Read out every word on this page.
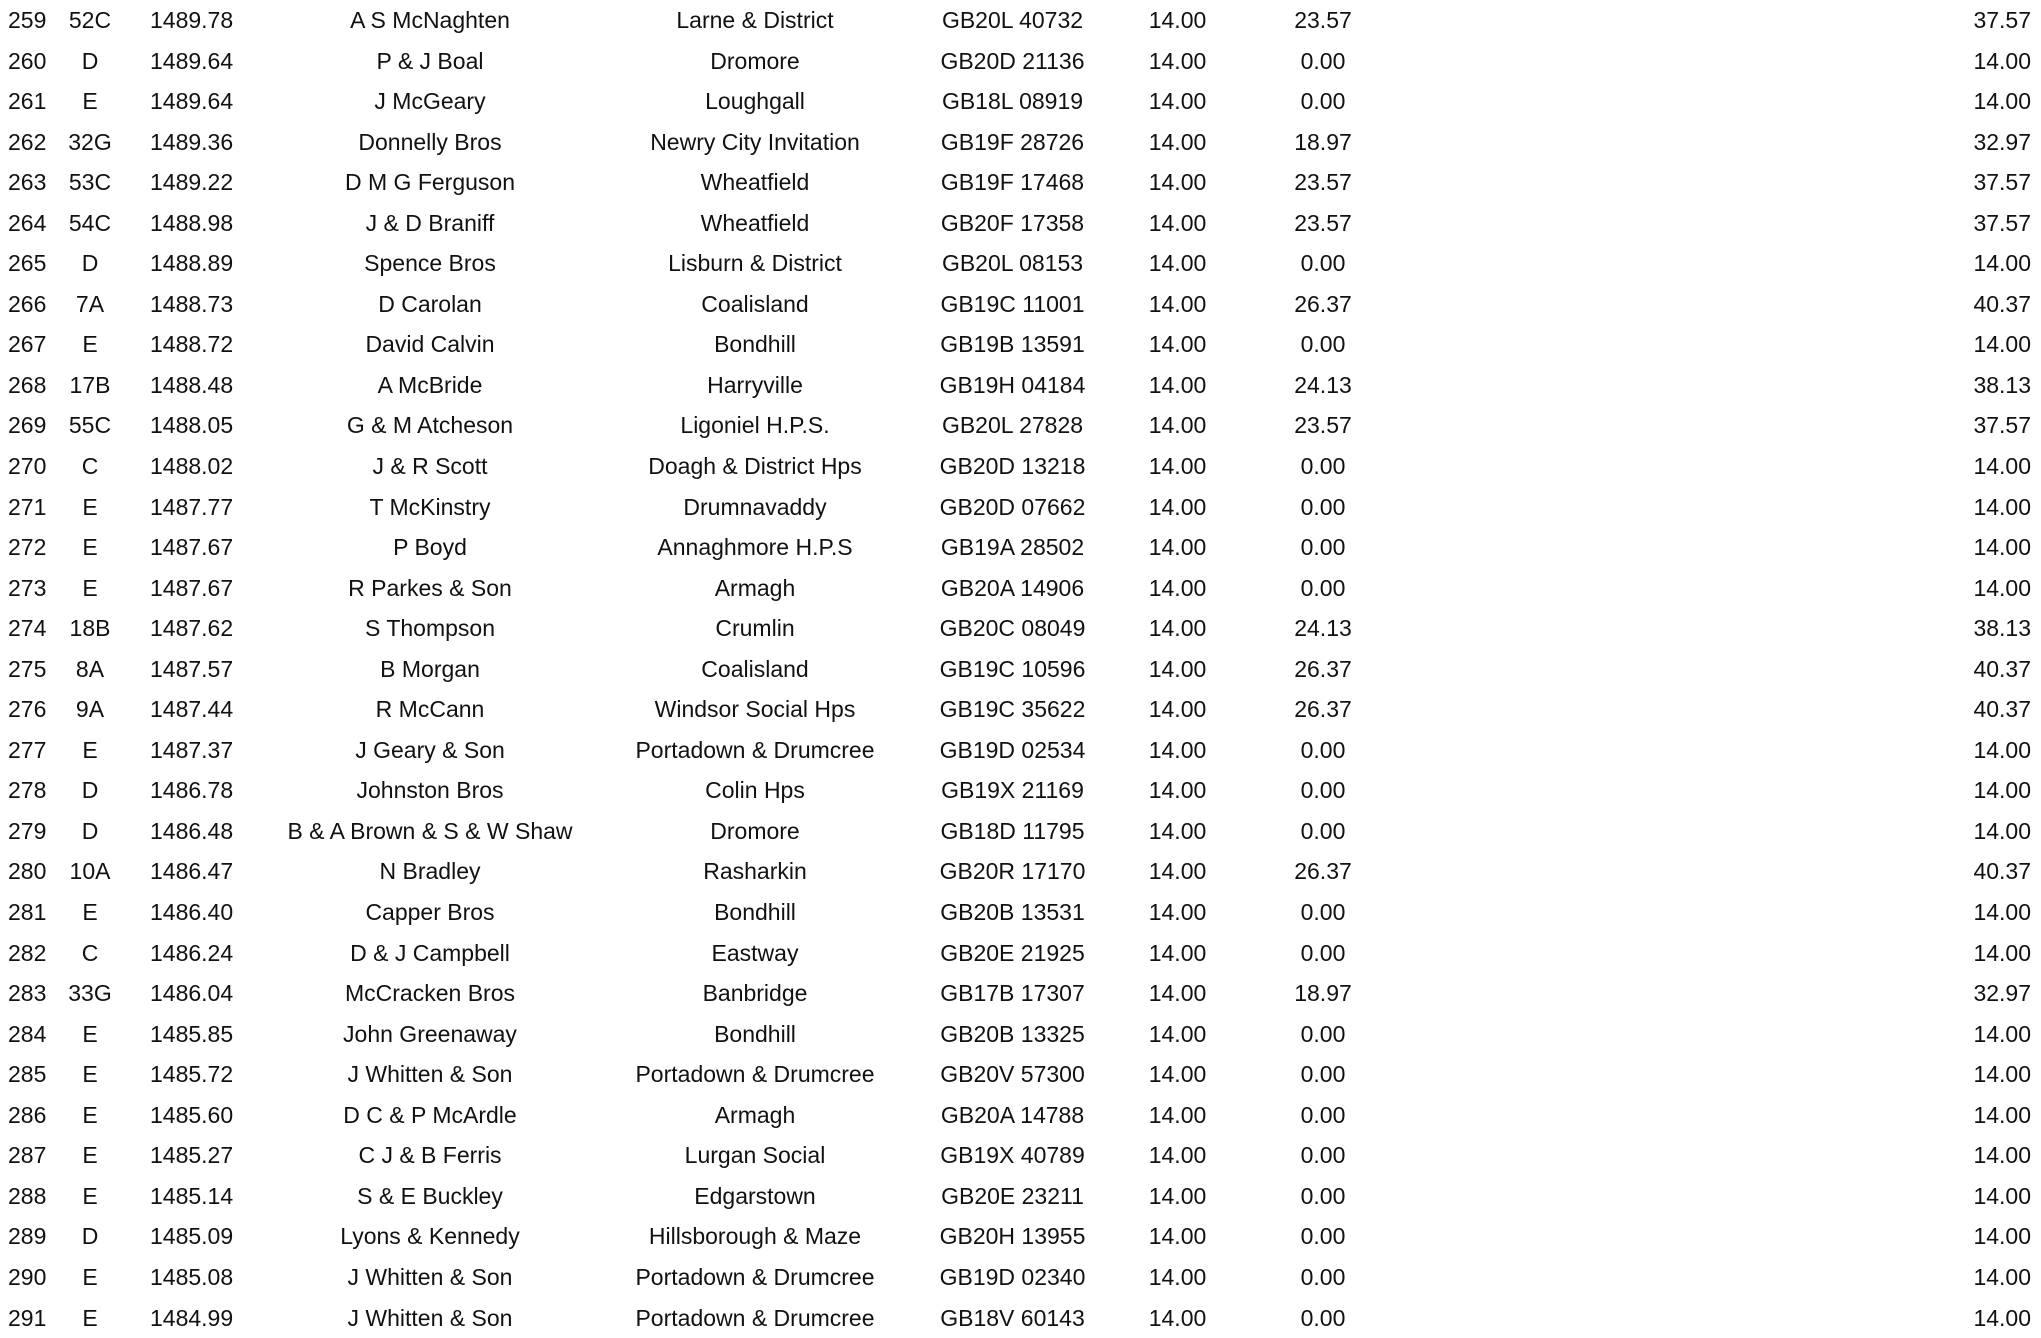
259 52C	1489.78	A S McNaghten	Larne & District	GB20L 40732	14.00	23.57	37.57
260	D	1489.64	P & J Boal	Dromore	GB20D 21136	14.00	0.00	14.00
261	E	1489.64	J McGeary	Loughgall	GB18L 08919	14.00	0.00	14.00
262 32G	1489.36	Donnelly Bros	Newry City Invitation	GB19F 28726	14.00	18.97	32.97
263 53C	1489.22	D M G Ferguson	Wheatfield	GB19F 17468	14.00	23.57	37.57
264 54C	1488.98	J & D Braniff	Wheatfield	GB20F 17358	14.00	23.57	37.57
265	D	1488.89	Spence Bros	Lisburn & District	GB20L 08153	14.00	0.00	14.00
266	7A	1488.73	D Carolan	Coalisland	GB19C 11001	14.00	26.37	40.37
267	E	1488.72	David Calvin	Bondhill	GB19B 13591	14.00	0.00	14.00
268	17B	1488.48	A McBride	Harryville	GB19H 04184	14.00	24.13	38.13
269 55C	1488.05	G & M Atcheson	Ligoniel H.P.S.	GB20L 27828	14.00	23.57	37.57
270	C	1488.02	J & R Scott	Doagh & District Hps	GB20D 13218	14.00	0.00	14.00
271	E	1487.77	T McKinstry	Drumnavaddy	GB20D 07662	14.00	0.00	14.00
272	E	1487.67	P Boyd	Annaghmore H.P.S	GB19A 28502	14.00	0.00	14.00
273	E	1487.67	R Parkes & Son	Armagh	GB20A 14906	14.00	0.00	14.00
274	18B	1487.62	S Thompson	Crumlin	GB20C 08049	14.00	24.13	38.13
275	8A	1487.57	B Morgan	Coalisland	GB19C 10596	14.00	26.37	40.37
276	9A	1487.44	R McCann	Windsor Social Hps	GB19C 35622	14.00	26.37	40.37
277	E	1487.37	J Geary & Son	Portadown & Drumcree	GB19D 02534	14.00	0.00	14.00
278	D	1486.78	Johnston Bros	Colin Hps	GB19X 21169	14.00	0.00	14.00
279	D	1486.48	B & A Brown & S & W Shaw	Dromore	GB18D 11795	14.00	0.00	14.00
280	10A	1486.47	N Bradley	Rasharkin	GB20R 17170	14.00	26.37	40.37
281	E	1486.40	Capper Bros	Bondhill	GB20B 13531	14.00	0.00	14.00
282	C	1486.24	D & J Campbell	Eastway	GB20E 21925	14.00	0.00	14.00
283 33G	1486.04	McCracken Bros	Banbridge	GB17B 17307	14.00	18.97	32.97
284	E	1485.85	John Greenaway	Bondhill	GB20B 13325	14.00	0.00	14.00
285	E	1485.72	J Whitten & Son	Portadown & Drumcree	GB20V 57300	14.00	0.00	14.00
286	E	1485.60	D C & P McArdle	Armagh	GB20A 14788	14.00	0.00	14.00
287	E	1485.27	C J & B Ferris	Lurgan Social	GB19X 40789	14.00	0.00	14.00
288	E	1485.14	S & E Buckley	Edgarstown	GB20E 23211	14.00	0.00	14.00
289	D	1485.09	Lyons & Kennedy	Hillsborough & Maze	GB20H 13955	14.00	0.00	14.00
290	E	1485.08	J Whitten & Son	Portadown & Drumcree	GB19D 02340	14.00	0.00	14.00
291	E	1484.99	J Whitten & Son	Portadown & Drumcree	GB18V 60143	14.00	0.00	14.00
